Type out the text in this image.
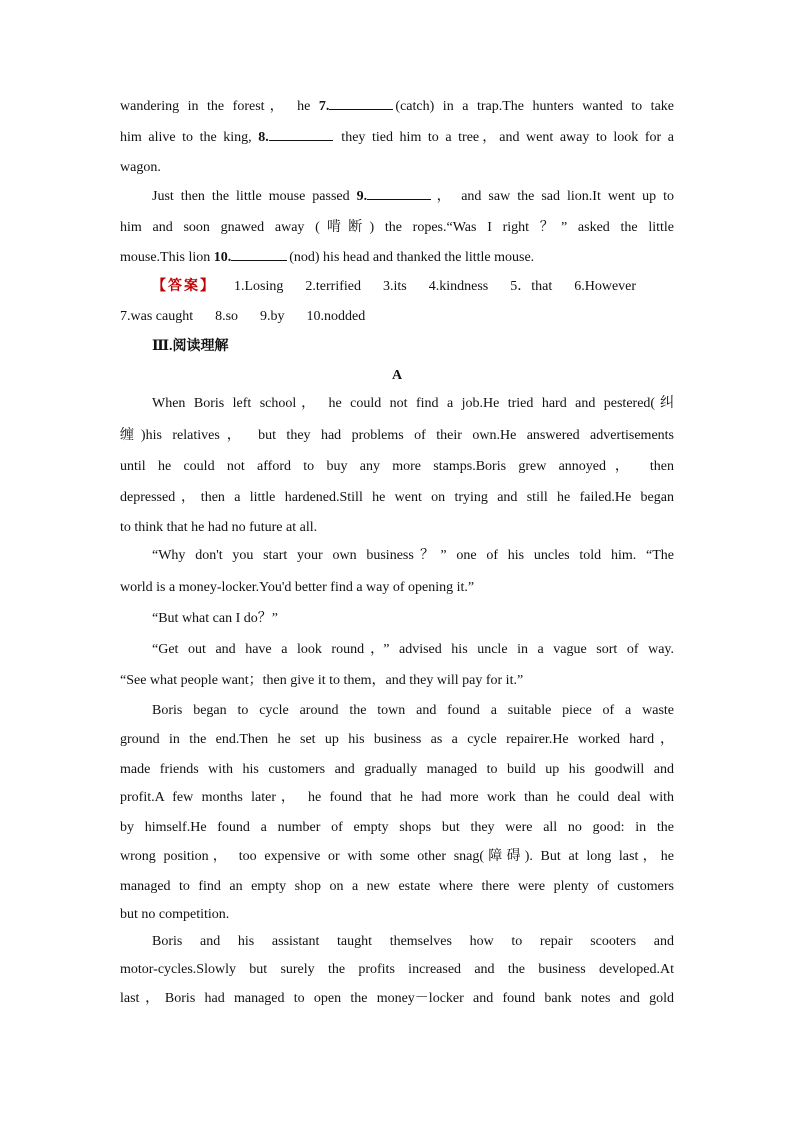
wandering in the forest， he 7.	(catch) in a trap.The hunters wanted to take
him alive to the king, 8.	they tied him to a tree，and went away to look for a
wagon.
Just then the little mouse passed 9.	， and saw the sad lion.It went up to
him and soon gnawed away (啃断) the ropes.“Was I right ？” asked the little
mouse.This lion 10.	(nod) his head and thanked the little mouse.
【答案】 1.Losing 2.terrified 3.its 4.kindness 5．that 6.However
7.was caught 8.so 9.by 10.nodded
Ⅲ.阅读理解
A
When Boris left school， he could not find a job.He tried hard and pestered(纠
缠)his relatives， but they had problems of their own.He answered advertisements
until he could not afford to buy any more stamps.Boris grew annoyed， then
depressed，then a little hardened.Still he went on trying and still he failed.He began
to think that he had no future at all.
“Why don't you start your own business？” one of his uncles told him. “The
world is a money-locker.You'd better find a way of opening it.”
“But what can I do？”
“Get out and have a look round，” advised his uncle in a vague sort of way.
“See what people want；then give it to them，and they will pay for it.”
Boris began to cycle around the town and found a suitable piece of a waste
ground in the end.Then he set up his business as a cycle repairer.He worked hard，
made friends with his customers and gradually managed to build up his goodwill and
profit.A few months later， he found that he had more work than he could deal with
by himself.He found a number of empty shops but they were all no good: in the
wrong position， too expensive or with some other snag(障碍). But at long last，he
managed to find an empty shop on a new estate where there were plenty of customers
but no competition.
Boris and his assistant taught themselves how to repair scooters and
motor-cycles.Slowly but surely the profits increased and the business developed.At
last，Boris had managed to open the money－locker and found bank notes and gold
